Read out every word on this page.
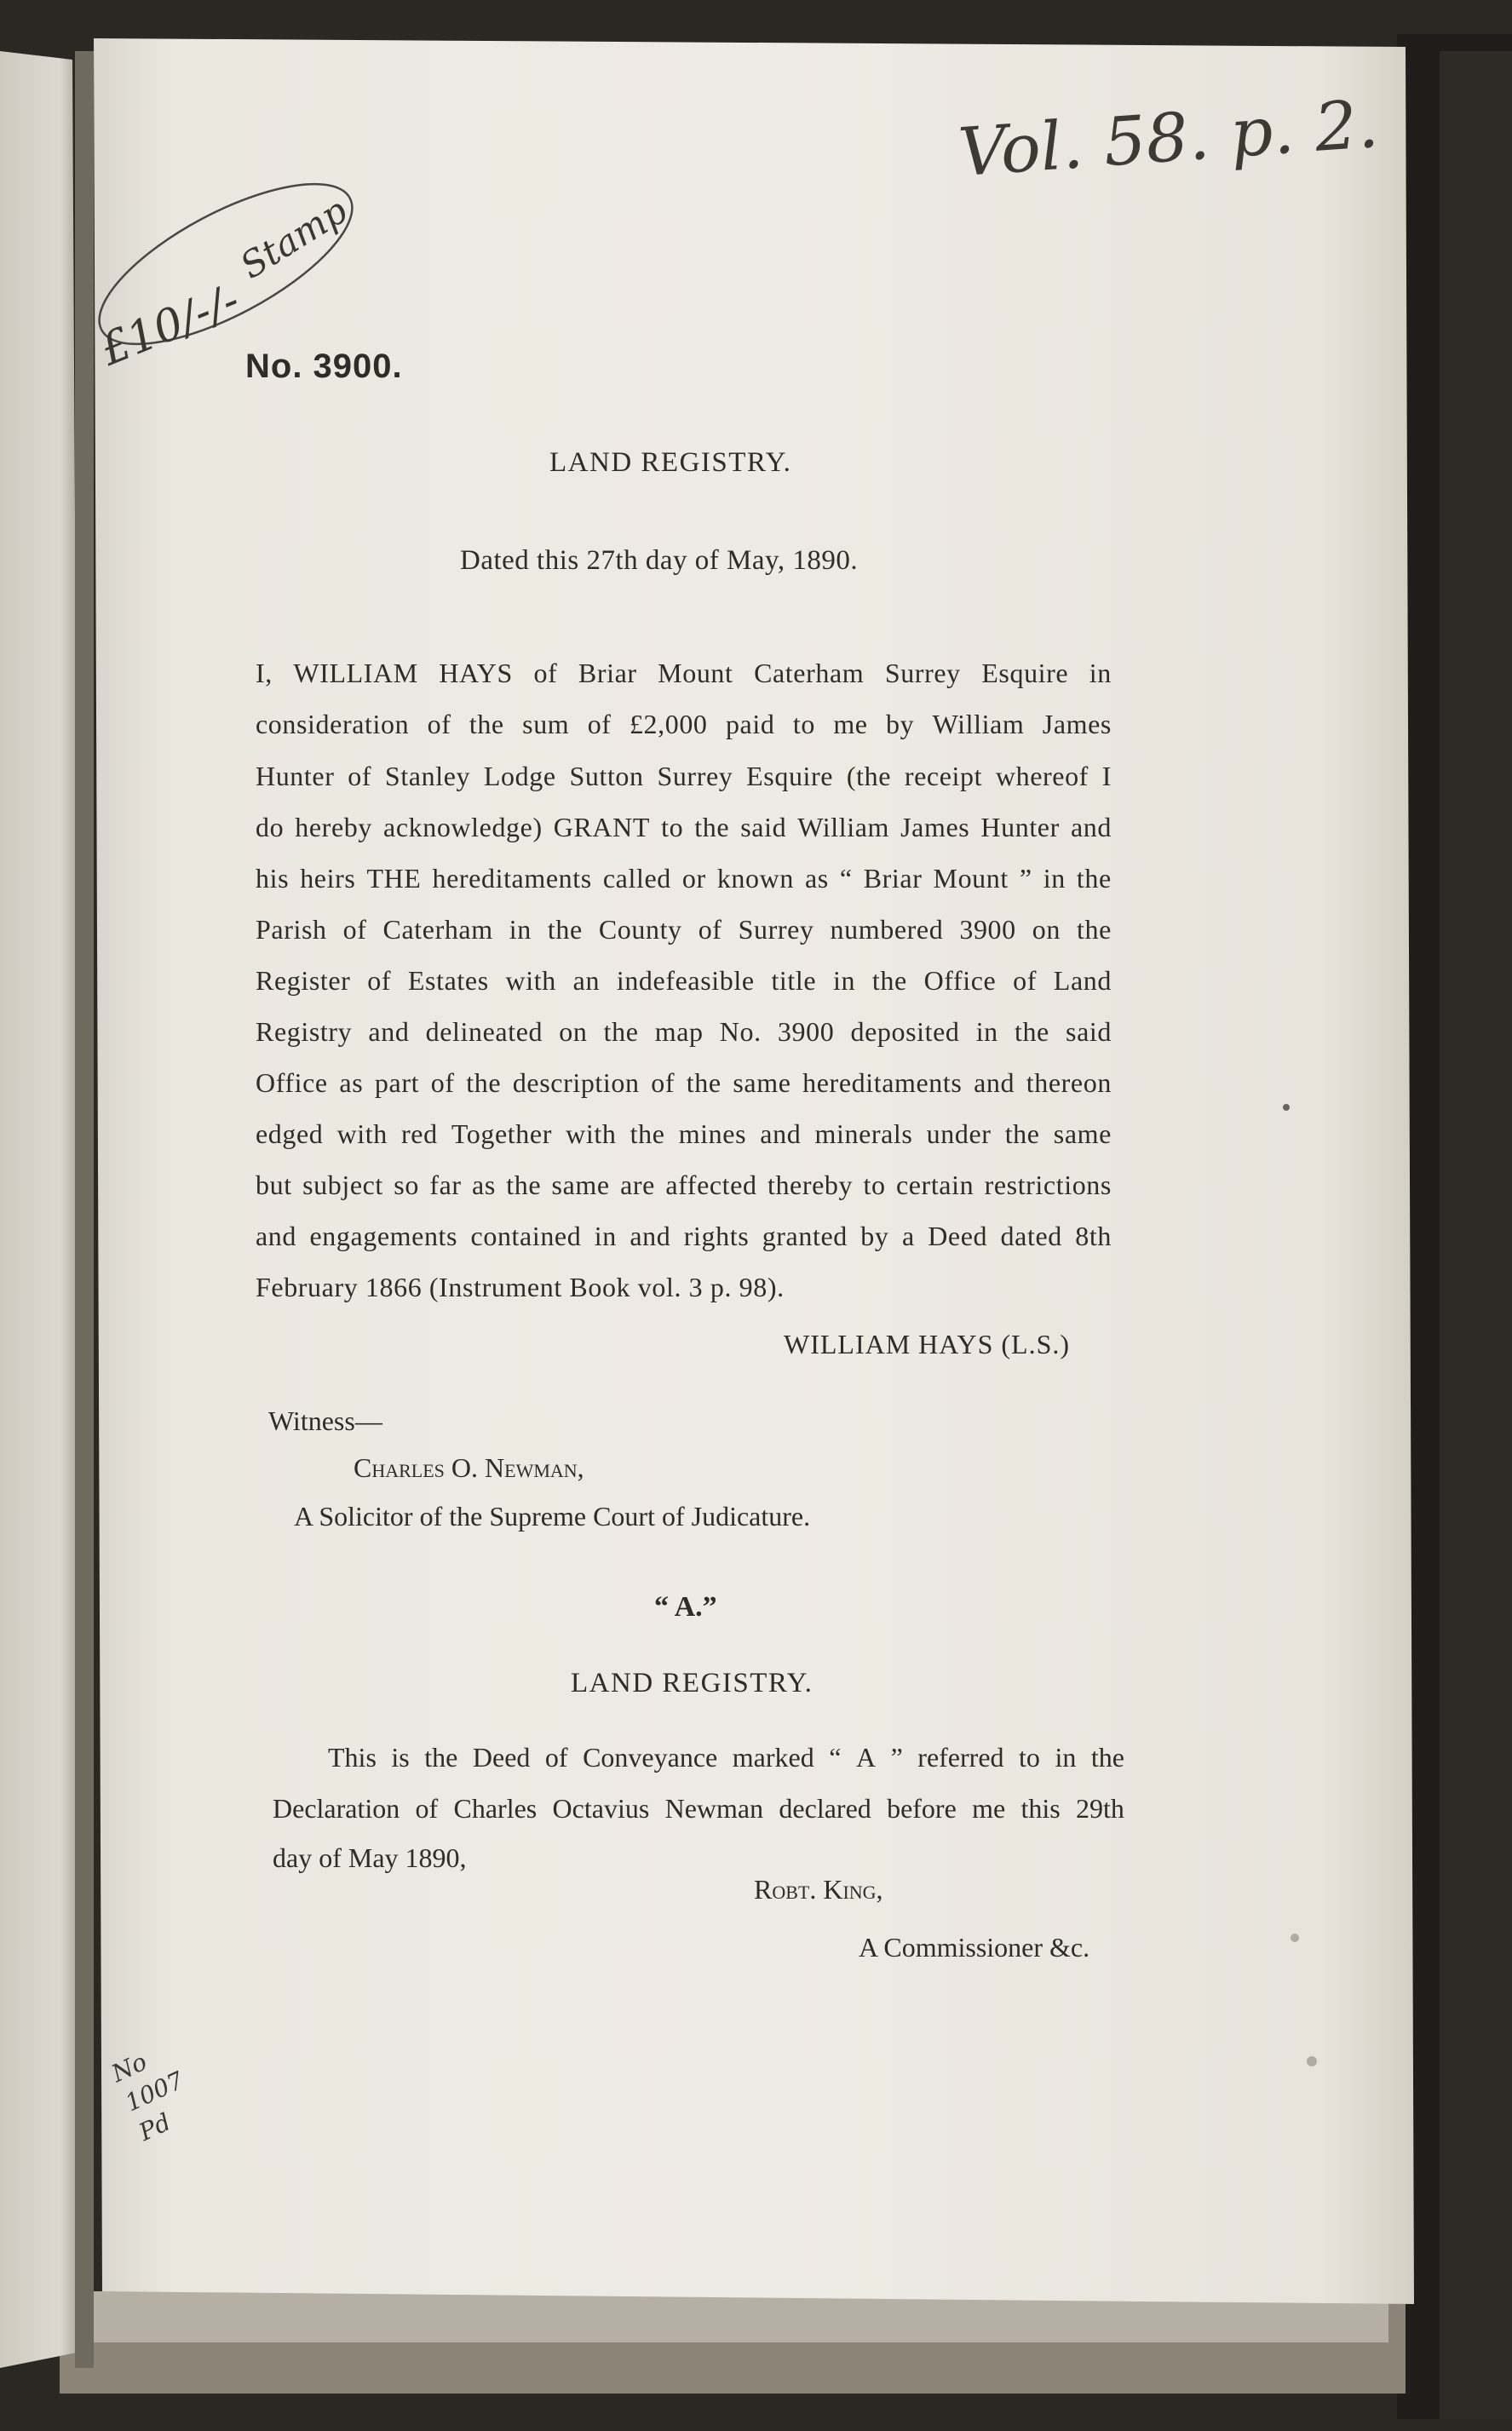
Vol. 58. p. 2.
Stamp
£10/-/-
No 1007 Pd
No. 3900.
LAND REGISTRY.
Dated this 27th day of May, 1890.
I, WILLIAM HAYS of Briar Mount Caterham Surrey Esquire in
consideration of the sum of £2,000 paid to me by William James
Hunter of Stanley Lodge Sutton Surrey Esquire (the receipt whereof I
do hereby acknowledge) GRANT to the said William James Hunter and
his heirs THE hereditaments called or known as “ Briar Mount ” in the
Parish of Caterham in the County of Surrey numbered 3900 on the
Register of Estates with an indefeasible title in the Office of Land
Registry and delineated on the map No. 3900 deposited in the said
Office as part of the description of the same hereditaments and thereon
edged with red Together with the mines and minerals under the same
but subject so far as the same are affected thereby to certain restrictions
and engagements contained in and rights granted by a Deed dated 8th
February 1866 (Instrument Book vol. 3 p. 98).
WILLIAM HAYS (L.S.)
Witness—
Charles O. Newman,
A Solicitor of the Supreme Court of Judicature.
“ A.”
LAND REGISTRY.
This is the Deed of Conveyance marked “ A ” referred to in the
Declaration of Charles Octavius Newman declared before me this 29th
day of May 1890,
Robt. King,
A Commissioner &c.
